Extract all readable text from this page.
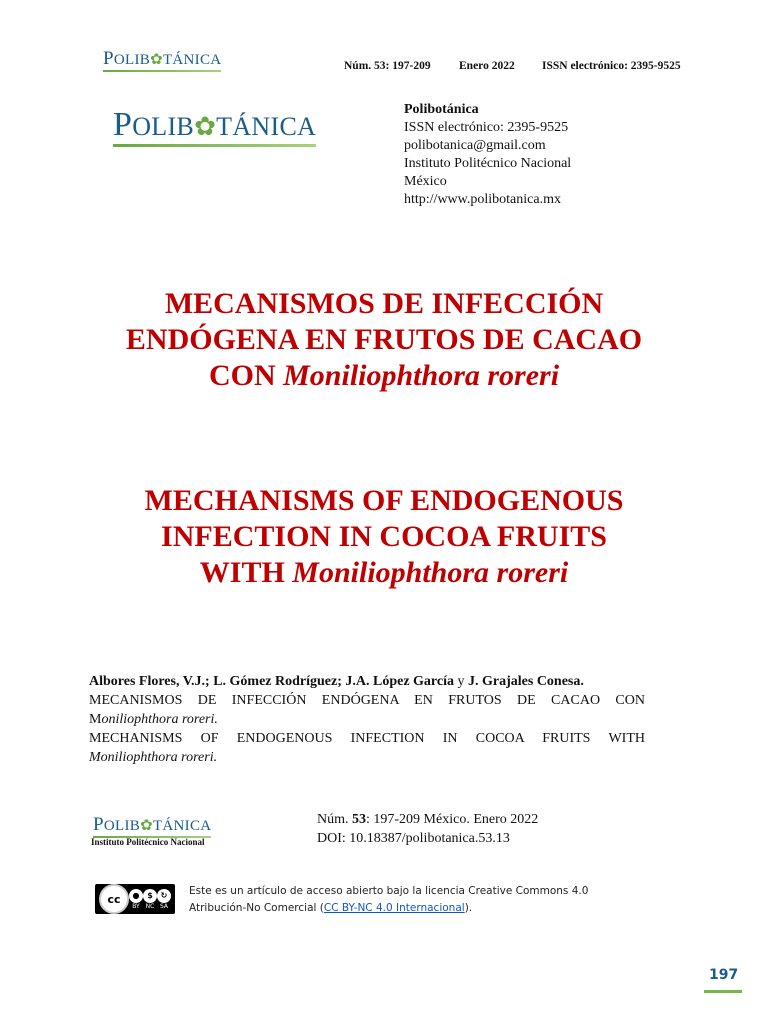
POLIB✿TÁNICA	Núm. 53: 197-209 Enero 2022 ISSN electrónico: 2395-9525
POLIB✿TÁNICA
Polibotánica
ISSN electrónico: 2395-9525
polibotanica@gmail.com
Instituto Politécnico Nacional
México
http://www.polibotanica.mx
MECANISMOS DE INFECCIÓN
ENDÓGENA EN FRUTOS DE CACAO
CON Moniliophthora roreri
MECHANISMS OF ENDOGENOUS
INFECTION IN COCOA FRUITS
WITH Moniliophthora roreri
Albores Flores, V.J.; L. Gómez Rodríguez; J.A. López García y J. Grajales Conesa.
MECANISMOS DE INFECCIÓN ENDÓGENA EN FRUTOS DE CACAO CON
Moniliophthora roreri.
MECHANISMS OF ENDOGENOUS INFECTION IN COCOA FRUITS WITH
Moniliophthora roreri.
POLIB✿TÁNICA
Instituto Politécnico Nacional
Núm. 53: 197-209 México. Enero 2022
DOI: 10.18387/polibotanica.53.13
cc	●
BY
$
NC
↻
SA
Este es un artículo de acceso abierto bajo la licencia Creative Commons 4.0
Atribución-No Comercial (CC BY-NC 4.0 Internacional).
197
